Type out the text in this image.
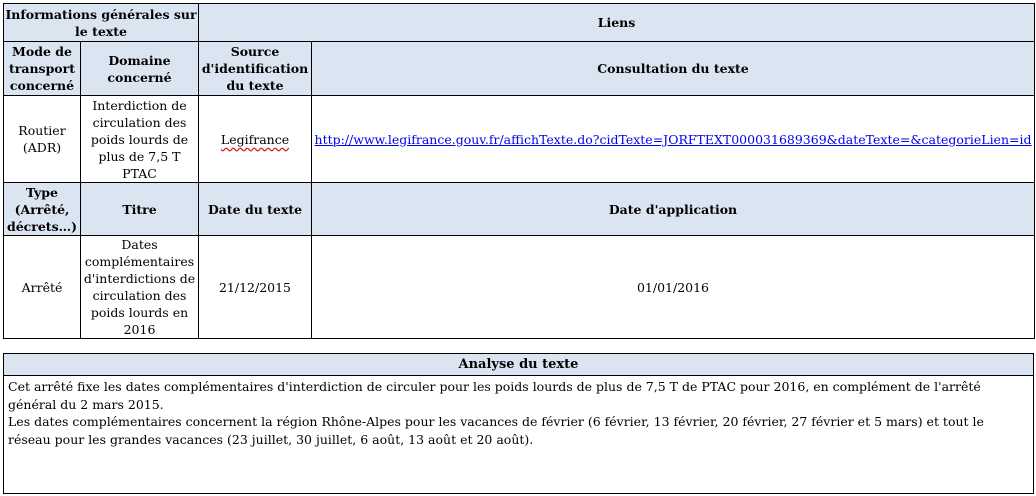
Informations générales sur le texte		Liens	
Mode de transport concerné	Domaine concerné	Source d'identification du texte	Consultation du texte
Routier (ADR)	Interdiction de circulation des poids lourds de plus de 7,5 T PTAC	Legifrance	http://www.legifrance.gouv.fr/affichTexte.do?cidTexte=JORFTEXT000031689369&dateTexte=&categorieLien=id
Type (Arrêté, décrets…)	Titre	Date du texte	Date d'application
Arrêté	Dates complémentaires d'interdictions de circulation des poids lourds en 2016	21/12/2015	01/01/2016
Analyse du texte

Cet arrêté fixe les dates complémentaires d'interdiction de circuler pour les poids lourds de plus de 7,5 T de PTAC pour 2016, en complément de l'arrêté général du 2 mars 2015.

Les dates complémentaires concernent la région Rhône-Alpes pour les vacances de février (6 février, 13 février, 20 février, 27 février et 5 mars) et tout le réseau pour les grandes vacances (23 juillet, 30 juillet, 6 août, 13 août et 20 août).
